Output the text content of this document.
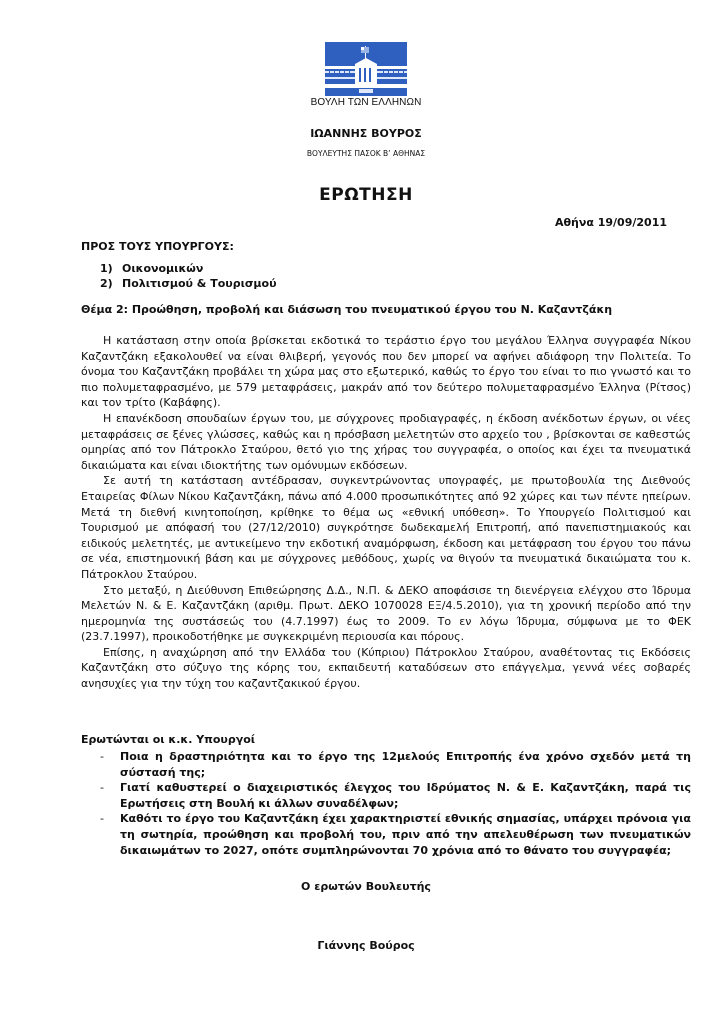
ΒΟΥΛΗ ΤΩΝ ΕΛΛΗΝΩΝ
ΙΩΑΝΝΗΣ ΒΟΥΡΟΣ
ΒΟΥΛΕΥΤΗΣ ΠΑΣΟΚ Β’ ΑΘΗΝΑΣ
ΕΡΩΤΗΣΗ
Αθήνα 19/09/2011
ΠΡΟΣ ΤΟΥΣ ΥΠΟΥΡΓΟΥΣ:
1) Οικονομικών
2) Πολιτισμού & Τουρισμού
Θέμα 2: Προώθηση, προβολή και διάσωση του πνευματικού έργου του Ν. Καζαντζάκη

Η κατάσταση στην οποία βρίσκεται εκδοτικά το τεράστιο έργο του μεγάλου Έλληνα συγγραφέα Νίκου Καζαντζάκη εξακολουθεί να είναι θλιβερή, γεγονός που δεν μπορεί να αφήνει αδιάφορη την Πολιτεία. Το όνομα του Καζαντζάκη προβάλει τη χώρα μας στο εξωτερικό, καθώς το έργο του είναι το πιο γνωστό και το πιο πολυμεταφρασμένο, με 579 μεταφράσεις, μακράν από τον δεύτερο πολυμεταφρασμένο Έλληνα (Ρίτσος) και τον τρίτο (Καβάφης).

Η επανέκδοση σπουδαίων έργων του, με σύγχρονες προδιαγραφές, η έκδοση ανέκδοτων έργων, οι νέες μεταφράσεις σε ξένες γλώσσες, καθώς και η πρόσβαση μελετητών στο αρχείο του , βρίσκονται σε καθεστώς ομηρίας από τον Πάτροκλο Σταύρου, θετό γιο της χήρας του συγγραφέα, ο οποίος και έχει τα πνευματικά δικαιώματα και είναι ιδιοκτήτης των ομόνυμων εκδόσεων.

Σε αυτή τη κατάσταση αντέδρασαν, συγκεντρώνοντας υπογραφές, με πρωτοβουλία της Διεθνούς Εταιρείας Φίλων Νίκου Καζαντζάκη, πάνω από 4.000 προσωπικότητες από 92 χώρες και των πέντε ηπείρων. Μετά τη διεθνή κινητοποίηση, κρίθηκε το θέμα ως «εθνική υπόθεση». Το Υπουργείο Πολιτισμού και Τουρισμού με απόφασή του (27/12/2010) συγκρότησε δωδεκαμελή Επιτροπή, από πανεπιστημιακούς και ειδικούς μελετητές, με αντικείμενο την εκδοτική αναμόρφωση, έκδοση και μετάφραση του έργου του πάνω σε νέα, επιστημονική βάση και με σύγχρονες μεθόδους, χωρίς να θιγούν τα πνευματικά δικαιώματα του κ. Πάτροκλου Σταύρου.

Στο μεταξύ, η Διεύθυνση Επιθεώρησης Δ.Δ., Ν.Π. & ΔΕΚΟ αποφάσισε τη διενέργεια ελέγχου στο Ίδρυμα Μελετών Ν. & Ε. Καζαντζάκη (αριθμ. Πρωτ. ΔΕΚΟ 1070028 ΕΞ/4.5.2010), για τη χρονική περίοδο από την ημερομηνία της συστάσεώς του (4.7.1997) έως το 2009. Το εν λόγω Ίδρυμα, σύμφωνα με το ΦΕΚ (23.7.1997), προικοδοτήθηκε με συγκεκριμένη περιουσία και πόρους.

Επίσης, η αναχώρηση από την Ελλάδα του (Κύπριου) Πάτροκλου Σταύρου, αναθέτοντας τις Εκδόσεις Καζαντζάκη στο σύζυγο της κόρης του, εκπαιδευτή καταδύσεων στο επάγγελμα, γεννά νέες σοβαρές ανησυχίες για την τύχη του καζαντζακικού έργου.

Ερωτώνται οι κ.κ. Υπουργοί
-	Ποια η δραστηριότητα και το έργο της 12μελούς Επιτροπής ένα χρόνο σχεδόν μετά τη σύστασή της;
-	Γιατί καθυστερεί ο διαχειριστικός έλεγχος του Ιδρύματος Ν. & Ε. Καζαντζάκη, παρά τις Ερωτήσεις στη Βουλή κι άλλων συναδέλφων;
-	Καθότι το έργο του Καζαντζάκη έχει χαρακτηριστεί εθνικής σημασίας, υπάρχει πρόνοια για τη σωτηρία, προώθηση και προβολή του, πριν από την απελευθέρωση των πνευματικών δικαιωμάτων το 2027, οπότε συμπληρώνονται 70 χρόνια από το θάνατο του συγγραφέα;
Ο ερωτών Βουλευτής
Γιάννης Βούρος
